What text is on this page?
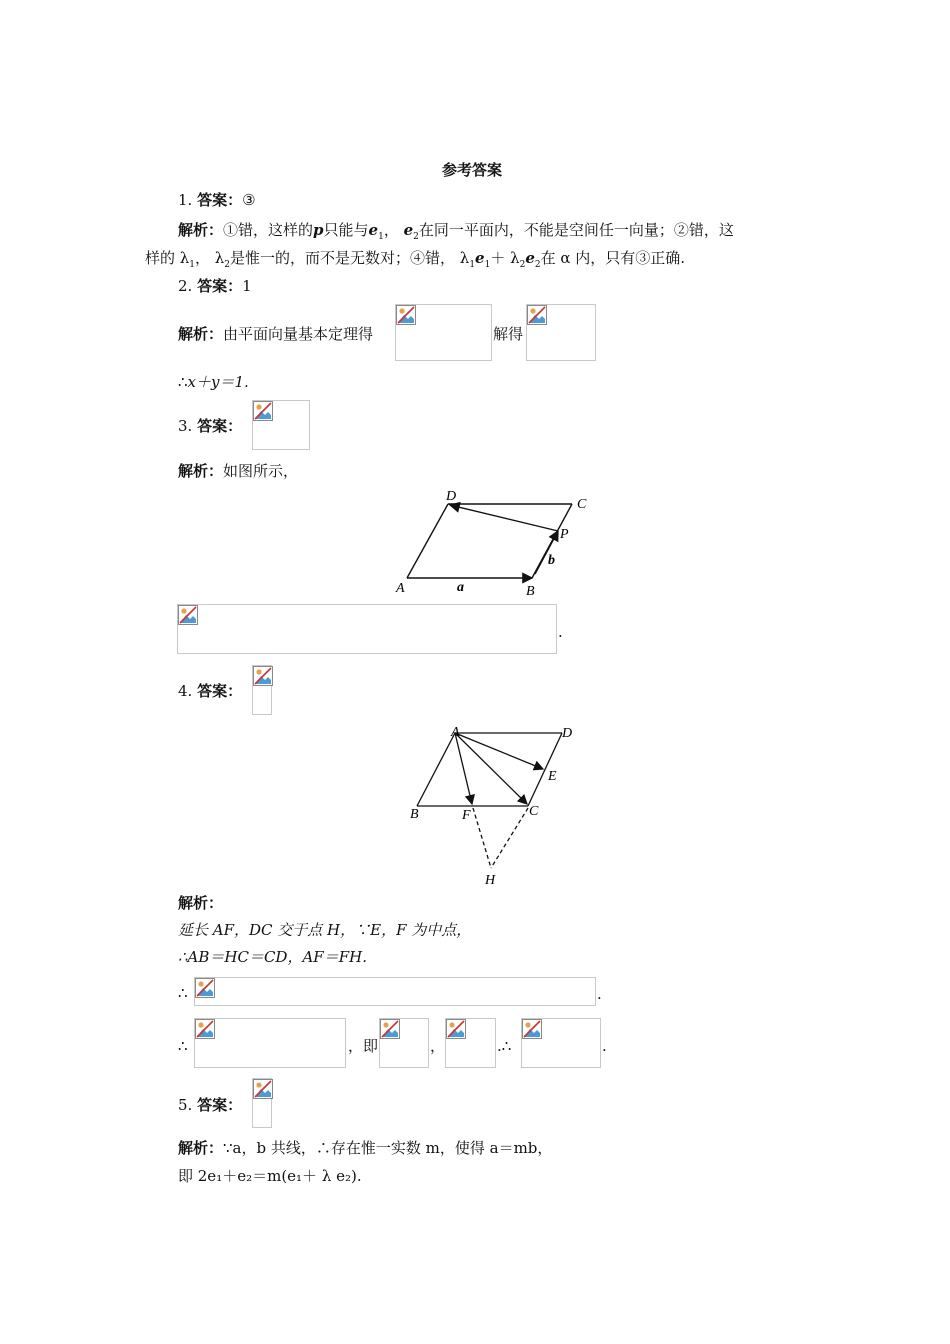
参考答案
1. 答案：③
解析：①错，这样的p只能与$e_1$， $e_2$在同一平面内，不能是空间任一向量；②错，这
样的 $\lambda_1$， $\lambda_2$是惟一的，而不是无数对；④错， $\lambda_1e_1+ \lambda_2e_2$在 α 内，只有③正确.
2. 答案：1
解析：由平面向量基本定理得	解得
∴x＋y＝1.
3. 答案：
解析：如图所示，
A	B
C
D
P
a
b
.
4. 答案：
A	D
E
B	F	C
H
解析：
延长 AF，DC 交于点 H，∵E，F 为中点，
∴AB＝HC＝CD，AF＝FH.
∴	.
∴	，即	，	.∴	.
5. 答案：
解析：∵a，b 共线，∴存在惟一实数 m，使得 a＝mb，
即 2e₁＋e₂＝m(e₁＋ λ e₂).
